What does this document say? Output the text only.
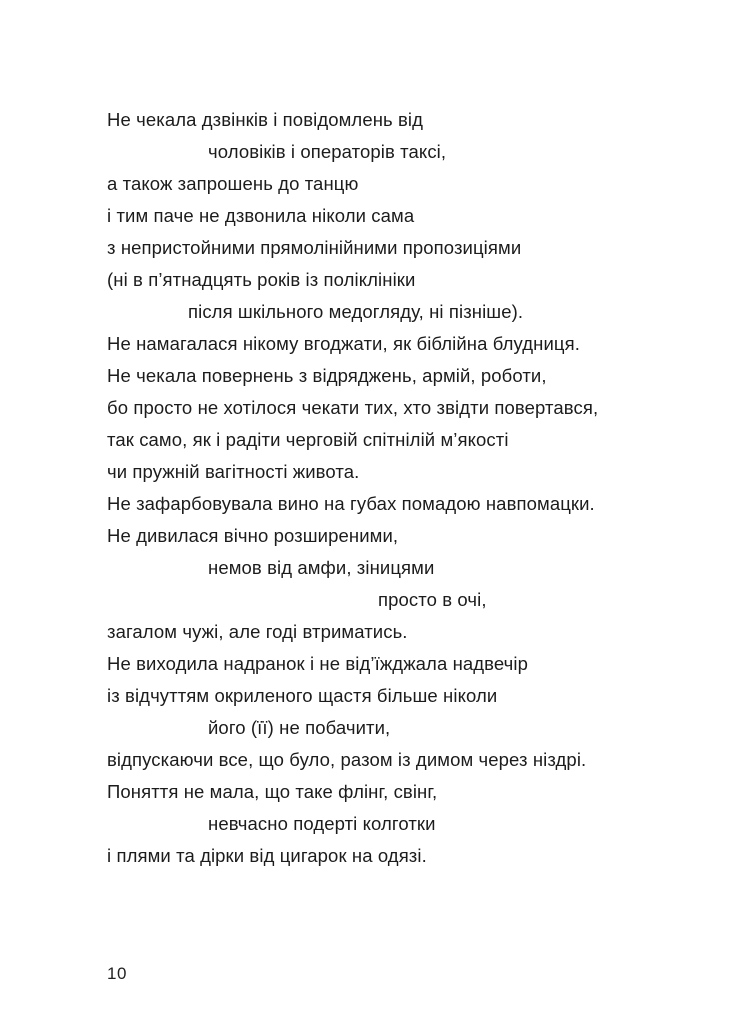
Не чекала дзвінків і повідомлень від
чоловіків і операторів таксі,
а також запрошень до танцю
і тим паче не дзвонила ніколи сама
з непристойними прямолінійними пропозиціями
(ні в п’ятнадцять років із поліклініки
після шкільного медогляду, ні пізніше).
Не намагалася нікому вгоджати, як біблійна блудниця.
Не чекала повернень з відряджень, армій, роботи,
бо просто не хотілося чекати тих, хто звідти повертався,
так само, як і радіти черговій спітнілій м’якості
чи пружній вагітності живота.
Не зафарбовувала вино на губах помадою навпомацки.
Не дивилася вічно розширеними,
немов від амфи, зіницями
просто в очі,
загалом чужі, але годі втриматись.
Не виходила надранок і не від’їжджала надвечір
із відчуттям окриленого щастя більше ніколи
його (її) не побачити,
відпускаючи все, що було, разом із димом через ніздрі.
Поняття не мала, що таке флінг, свінг,
невчасно подерті колготки
і плями та дірки від цигарок на одязі.
10
